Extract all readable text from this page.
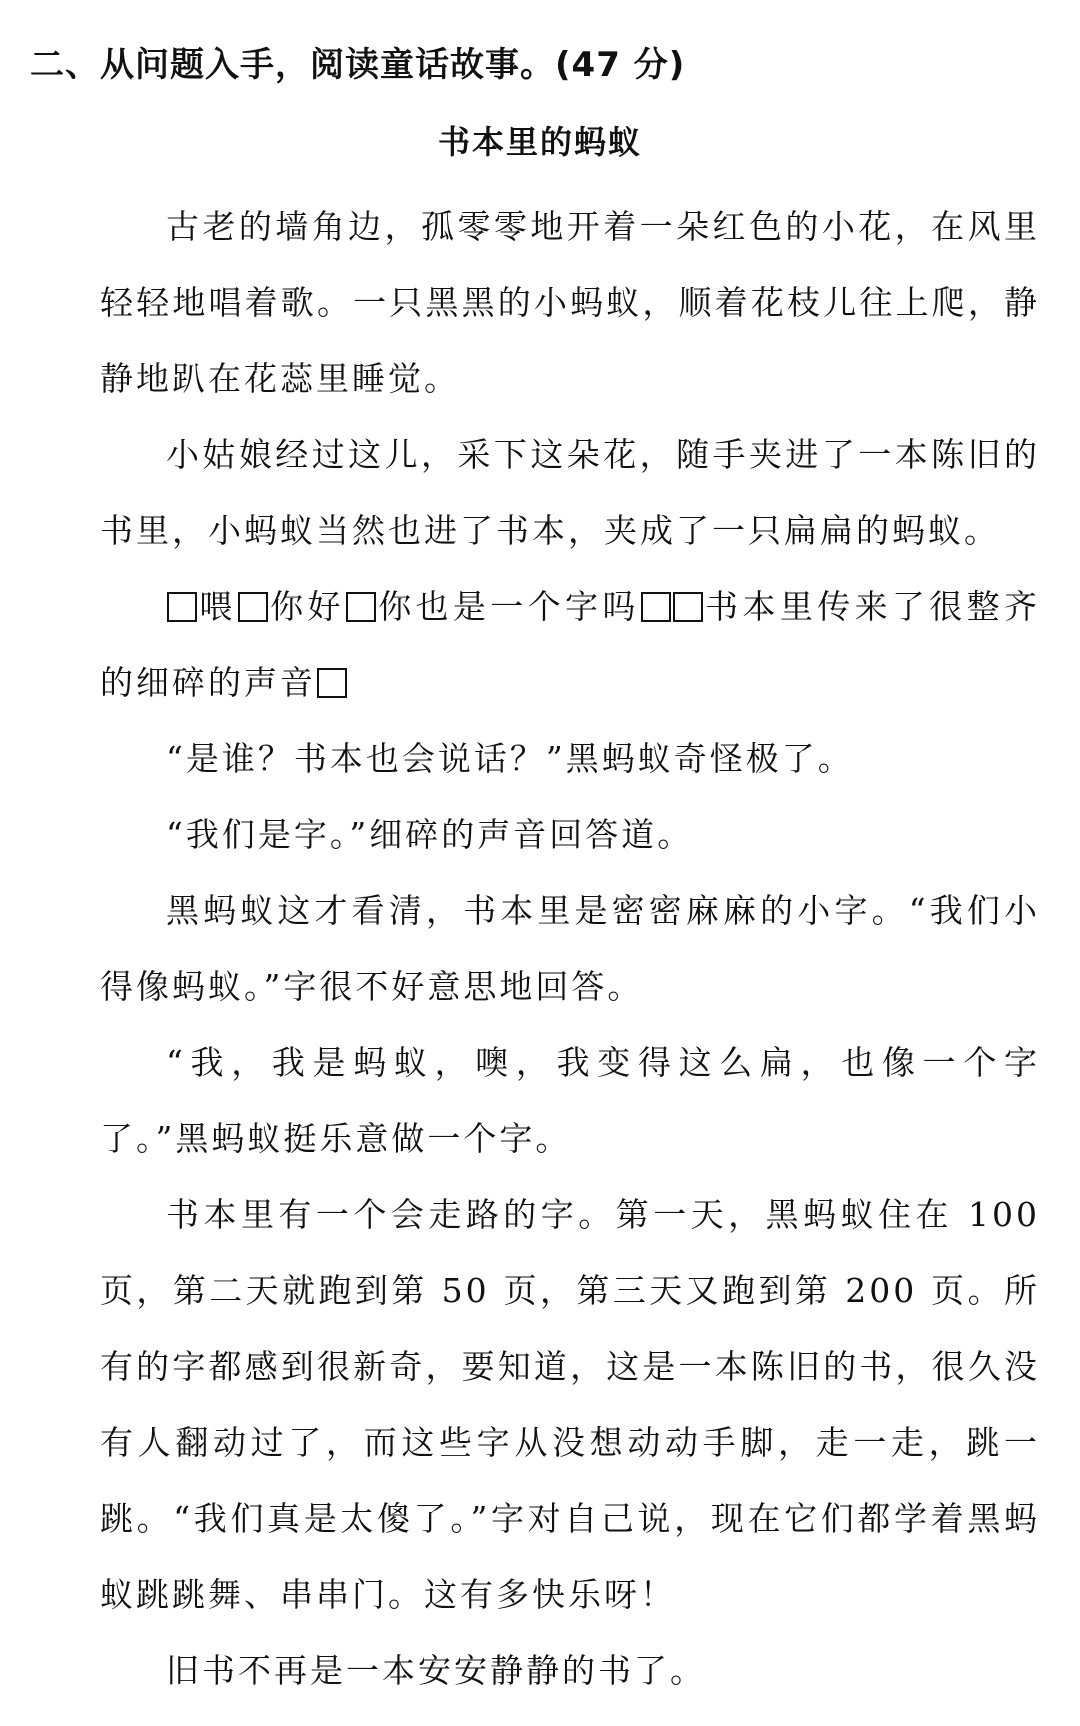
二、从问题入手，阅读童话故事。(47 分)
书本里的蚂蚁

古老的墙角边，孤零零地开着一朵红色的小花，在风里轻轻地唱着歌。一只黑黑的小蚂蚁，顺着花枝儿往上爬，静静地趴在花蕊里睡觉。

小姑娘经过这儿，采下这朵花，随手夹进了一本陈旧的书里，小蚂蚁当然也进了书本，夹成了一只扁扁的蚂蚁。

喂 你好 你也是一个字吗 书本里传来了很整齐的细碎的声音

“是谁？书本也会说话？”黑蚂蚁奇怪极了。

“我们是字。”细碎的声音回答道。

黑蚂蚁这才看清，书本里是密密麻麻的小字。“我们小得像蚂蚁。”字很不好意思地回答。

“我，我是蚂蚁，噢，我变得这么扁，也像一个字了。”黑蚂蚁挺乐意做一个字。

书本里有一个会走路的字。第一天，黑蚂蚁住在 100 页，第二天就跑到第 50 页，第三天又跑到第 200 页。所有的字都感到很新奇，要知道，这是一本陈旧的书，很久没有人翻动过了，而这些字从没想动动手脚，走一走，跳一跳。“我们真是太傻了。”字对自己说，现在它们都学着黑蚂蚁跳跳舞、串串门。这有多快乐呀！

旧书不再是一本安安静静的书了。
